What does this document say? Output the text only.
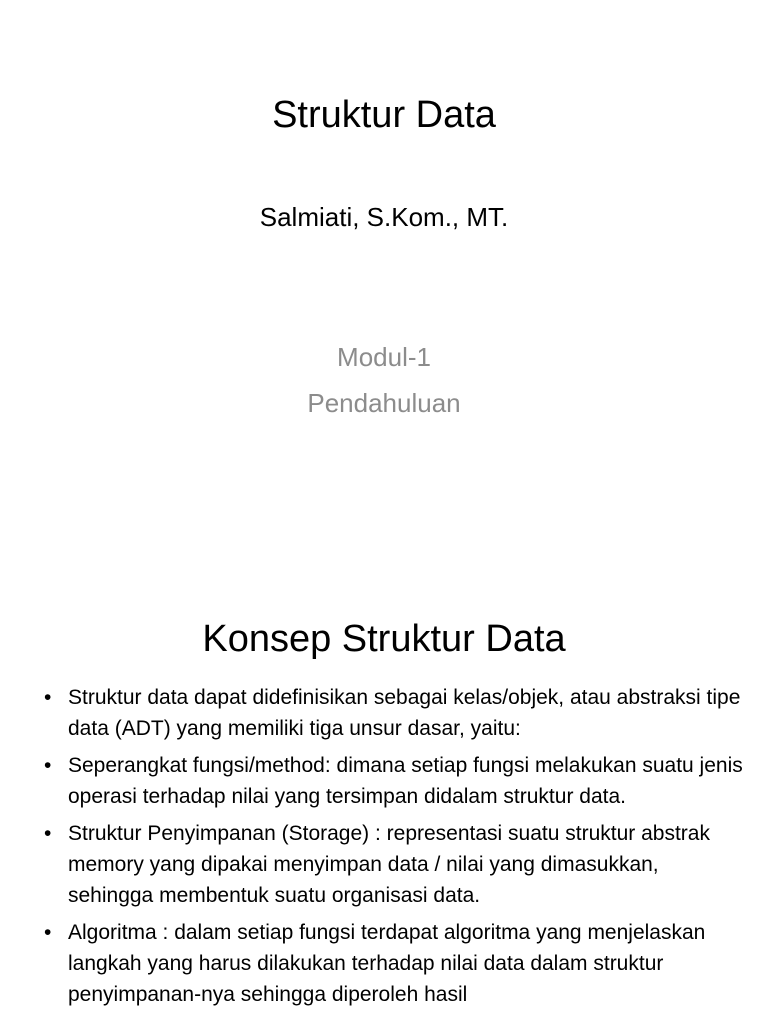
Struktur Data
Salmiati, S.Kom., MT.
Modul-1
Pendahuluan
Konsep Struktur Data
• Struktur data dapat didefinisikan sebagai kelas/objek, atau abstraksi tipe data (ADT) yang memiliki tiga unsur dasar, yaitu:
• Seperangkat fungsi/method: dimana setiap fungsi melakukan suatu jenis operasi terhadap nilai yang tersimpan didalam struktur data.
• Struktur Penyimpanan (Storage) : representasi suatu struktur abstrak memory yang dipakai menyimpan data / nilai yang dimasukkan, sehingga membentuk suatu organisasi data.
• Algoritma : dalam setiap fungsi terdapat algoritma yang menjelaskan langkah yang harus dilakukan terhadap nilai data dalam struktur penyimpanan-nya sehingga diperoleh hasil
